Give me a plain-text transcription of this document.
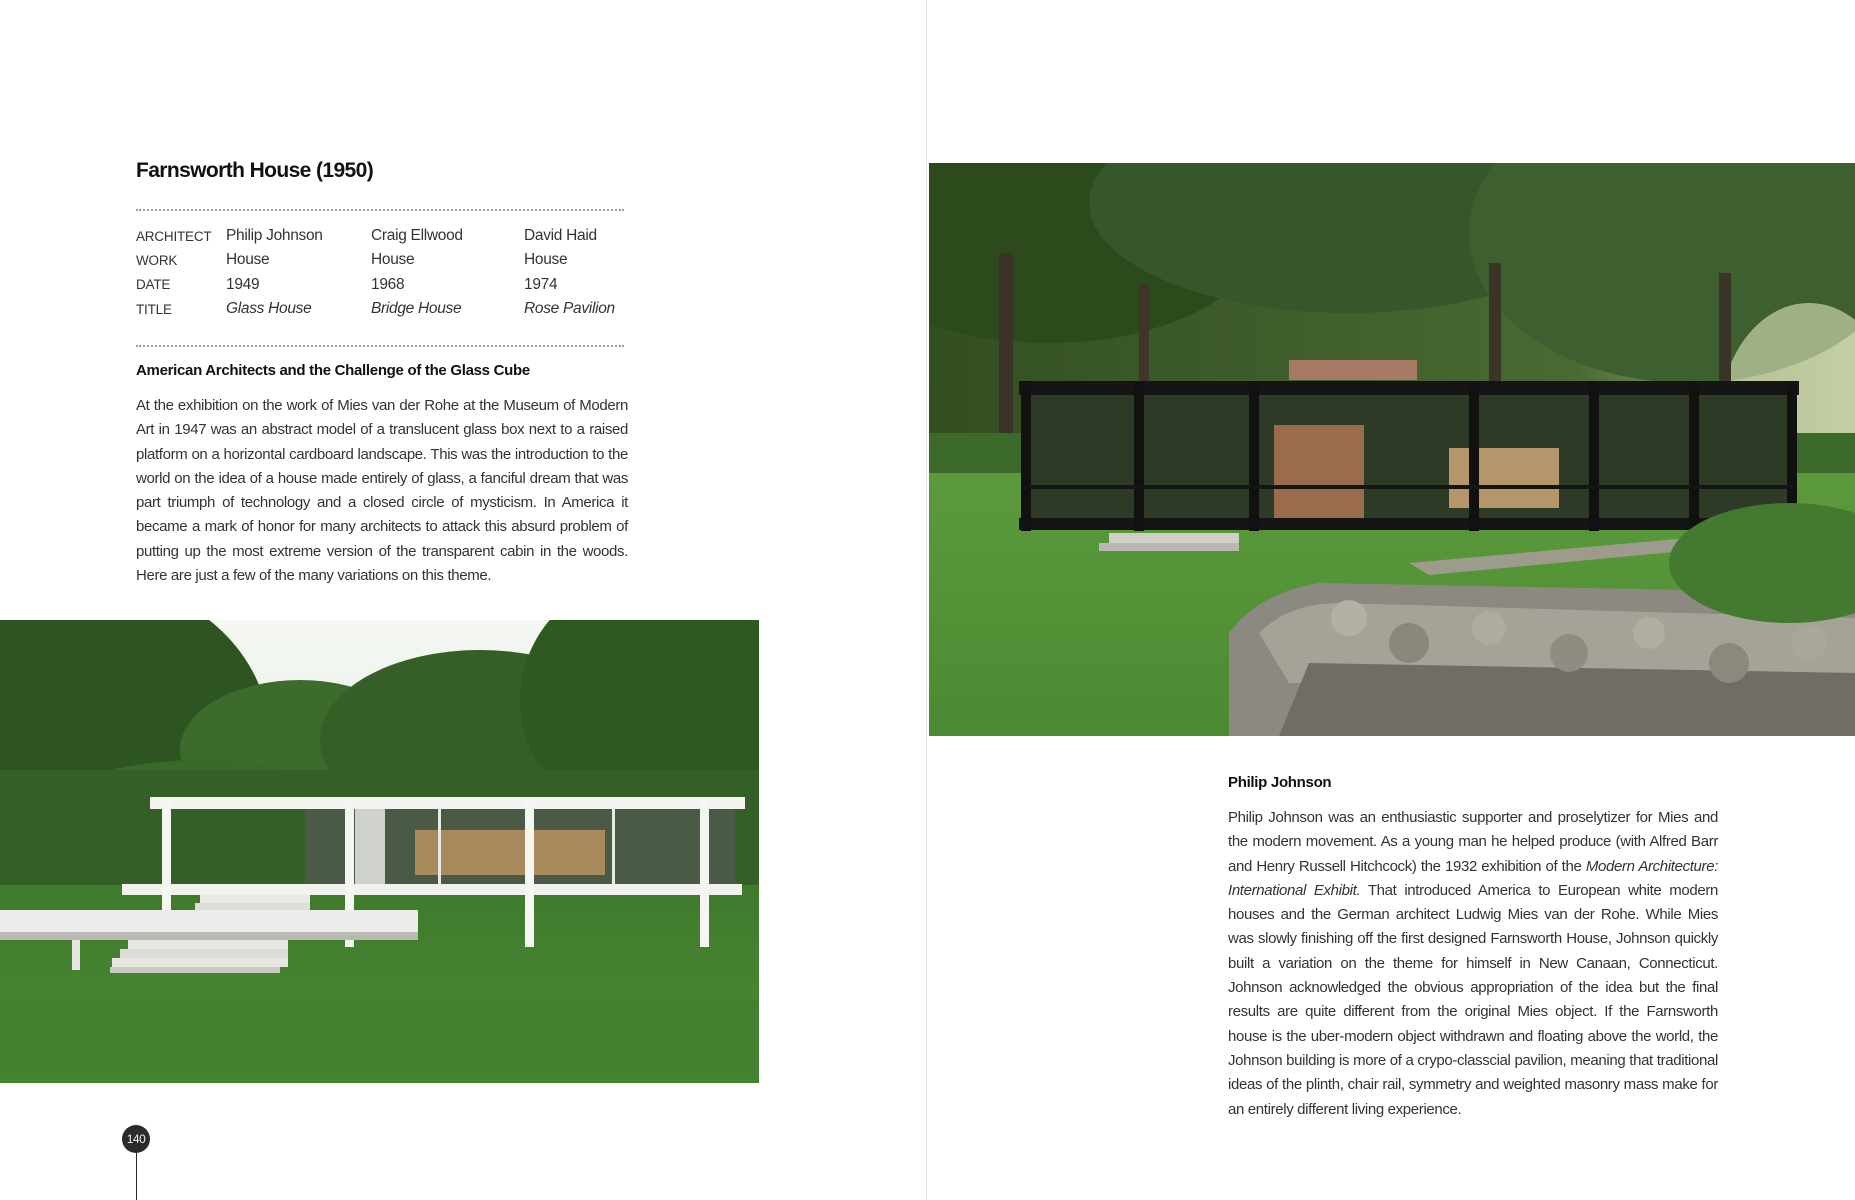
Farnsworth House (1950)
ARCHITECT	Philip Johnson	Craig Ellwood	David Haid
WORK	House	House	House
DATE	1949	1968	1974
TITLE	Glass House	Bridge House	Rose Pavilion
American Architects and the Challenge of the Glass Cube

At the exhibition on the work of Mies van der Rohe at the Museum of Modern Art in 1947 was an abstract model of a translucent glass box next to a raised platform on a horizontal cardboard landscape. This was the introduction to the world on the idea of a house made entirely of glass, a fanciful dream that was part triumph of technology and a closed circle of mysticism. In America it became a mark of honor for many architects to attack this absurd problem of putting up the most extreme version of the transparent cabin in the woods. Here are just a few of the many variations on this theme.

140
Philip Johnson

Philip Johnson was an enthusiastic supporter and proselytizer for Mies and the modern movement. As a young man he helped produce (with Alfred Barr and Henry Russell Hitchcock) the 1932 exhibition of the Modern Architecture: International Exhibit. That introduced America to European white modern houses and the German architect Ludwig Mies van der Rohe. While Mies was slowly finishing off the first designed Farnsworth House, Johnson quickly built a variation on the theme for himself in New Canaan, Connecticut. Johnson acknowledged the obvious appropriation of the idea but the final results are quite different from the original Mies object. If the Farnsworth house is the uber-modern object withdrawn and floating above the world, the Johnson building is more of a crypo-classcial pavilion, meaning that traditional ideas of the plinth, chair rail, symmetry and weighted masonry mass make for an entirely different living experience.
